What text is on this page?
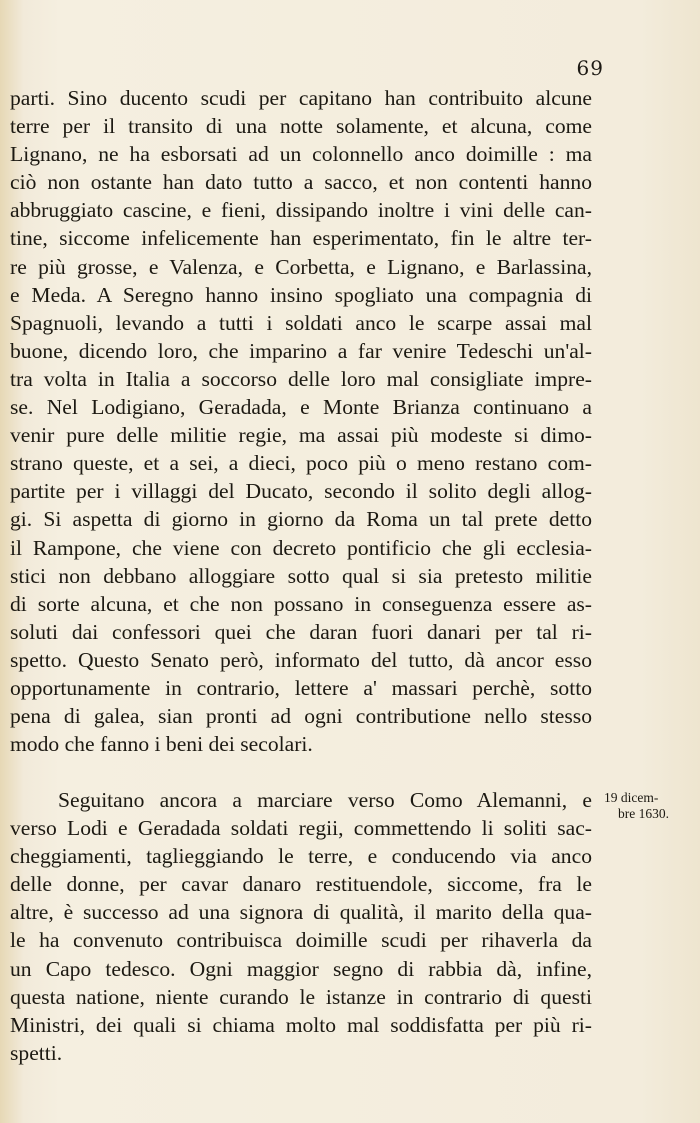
69

parti. Sino ducento scudi per capitano han contribuito alcune

terre per il transito di una notte solamente, et alcuna, come

Lignano, ne ha esborsati ad un colonnello anco doimille : ma

ciò non ostante han dato tutto a sacco, et non contenti hanno

abbruggiato cascine, e fieni, dissipando inoltre i vini delle can-

tine, siccome infelicemente han esperimentato, fin le altre ter-

re più grosse, e Valenza, e Corbetta, e Lignano, e Barlassina,

e Meda. A Seregno hanno insino spogliato una compagnia di

Spagnuoli, levando a tutti i soldati anco le scarpe assai mal

buone, dicendo loro, che imparino a far venire Tedeschi un'al-

tra volta in Italia a soccorso delle loro mal consigliate impre-

se. Nel Lodigiano, Geradada, e Monte Brianza continuano a

venir pure delle militie regie, ma assai più modeste si dimo-

strano queste, et a sei, a dieci, poco più o meno restano com-

partite per i villaggi del Ducato, secondo il solito degli allog-

gi. Si aspetta di giorno in giorno da Roma un tal prete detto

il Rampone, che viene con decreto pontificio che gli ecclesia-

stici non debbano alloggiare sotto qual si sia pretesto militie

di sorte alcuna, et che non possano in conseguenza essere as-

soluti dai confessori quei che daran fuori danari per tal ri-

spetto. Questo Senato però, informato del tutto, dà ancor esso

opportunamente in contrario, lettere a' massari perchè, sotto

pena di galea, sian pronti ad ogni contributione nello stesso

modo che fanno i beni dei secolari.

Seguitano ancora a marciare verso Como Alemanni, e

verso Lodi e Geradada soldati regii, commettendo li soliti sac-

cheggiamenti, taglieggiando le terre, e conducendo via anco

delle donne, per cavar danaro restituendole, siccome, fra le

altre, è successo ad una signora di qualità, il marito della qua-

le ha convenuto contribuisca doimille scudi per rihaverla da

un Capo tedesco. Ogni maggior segno di rabbia dà, infine,

questa natione, niente curando le istanze in contrario di questi

Ministri, dei quali si chiama molto mal soddisfatta per più ri-

spetti.

19 dicem-
bre 1630.
